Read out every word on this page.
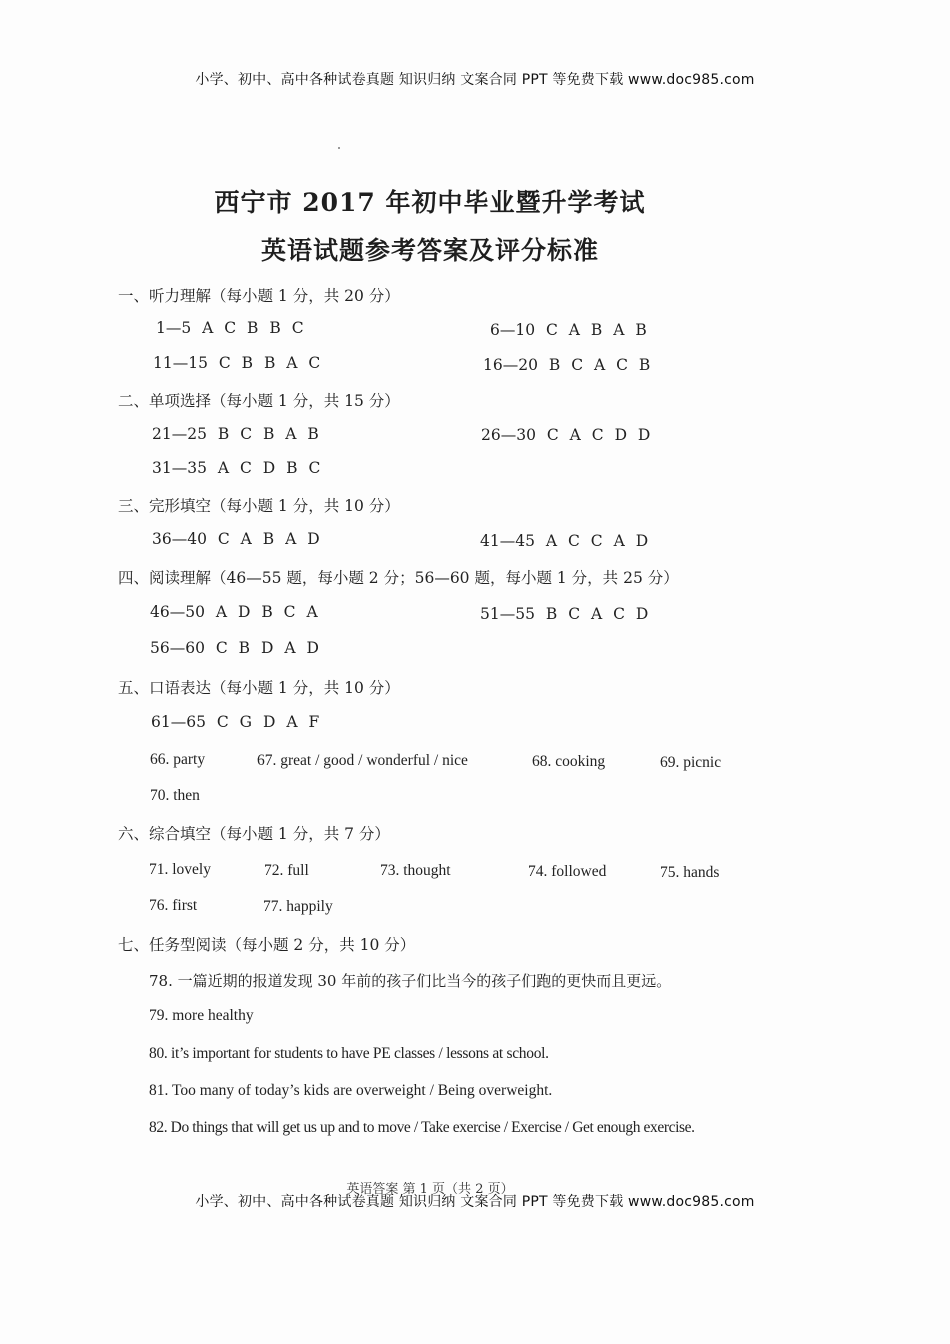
小学、初中、高中各种试卷真题 知识归纳 文案合同 PPT 等免费下载 www.doc985.com
西宁市 2017 年初中毕业暨升学考试
英语试题参考答案及评分标准
一、听力理解（每小题 1 分，共 20 分）
1—5 A C B B C	6—10 C A B A B
11—15 C B B A C	16—20 B C A C B
二、单项选择（每小题 1 分，共 15 分）
21—25 B C B A B	26—30 C A C D D
31—35 A C D B C
三、完形填空（每小题 1 分，共 10 分）
36—40 C A B A D	41—45 A C C A D
四、阅读理解（46—55 题，每小题 2 分；56—60 题，每小题 1 分，共 25 分）
46—50 A D B C A	51—55 B C A C D
56—60 C B D A D
五、口语表达（每小题 1 分，共 10 分）
61—65 C G D A F
66. party	67. great / good / wonderful / nice	68. cooking	69. picnic
70. then
六、综合填空（每小题 1 分，共 7 分）
71. lovely	72. full	73. thought	74. followed	75. hands
76. first	77. happily
七、任务型阅读（每小题 2 分，共 10 分）
78. 一篇近期的报道发现 30 年前的孩子们比当今的孩子们跑的更快而且更远。
79. more healthy
80. it’s important for students to have PE classes / lessons at school.
81. Too many of today’s kids are overweight / Being overweight.
82. Do things that will get us up and to move / Take exercise / Exercise / Get enough exercise.
英语答案 第 1 页（共 2 页）
小学、初中、高中各种试卷真题 知识归纳 文案合同 PPT 等免费下载 www.doc985.com
